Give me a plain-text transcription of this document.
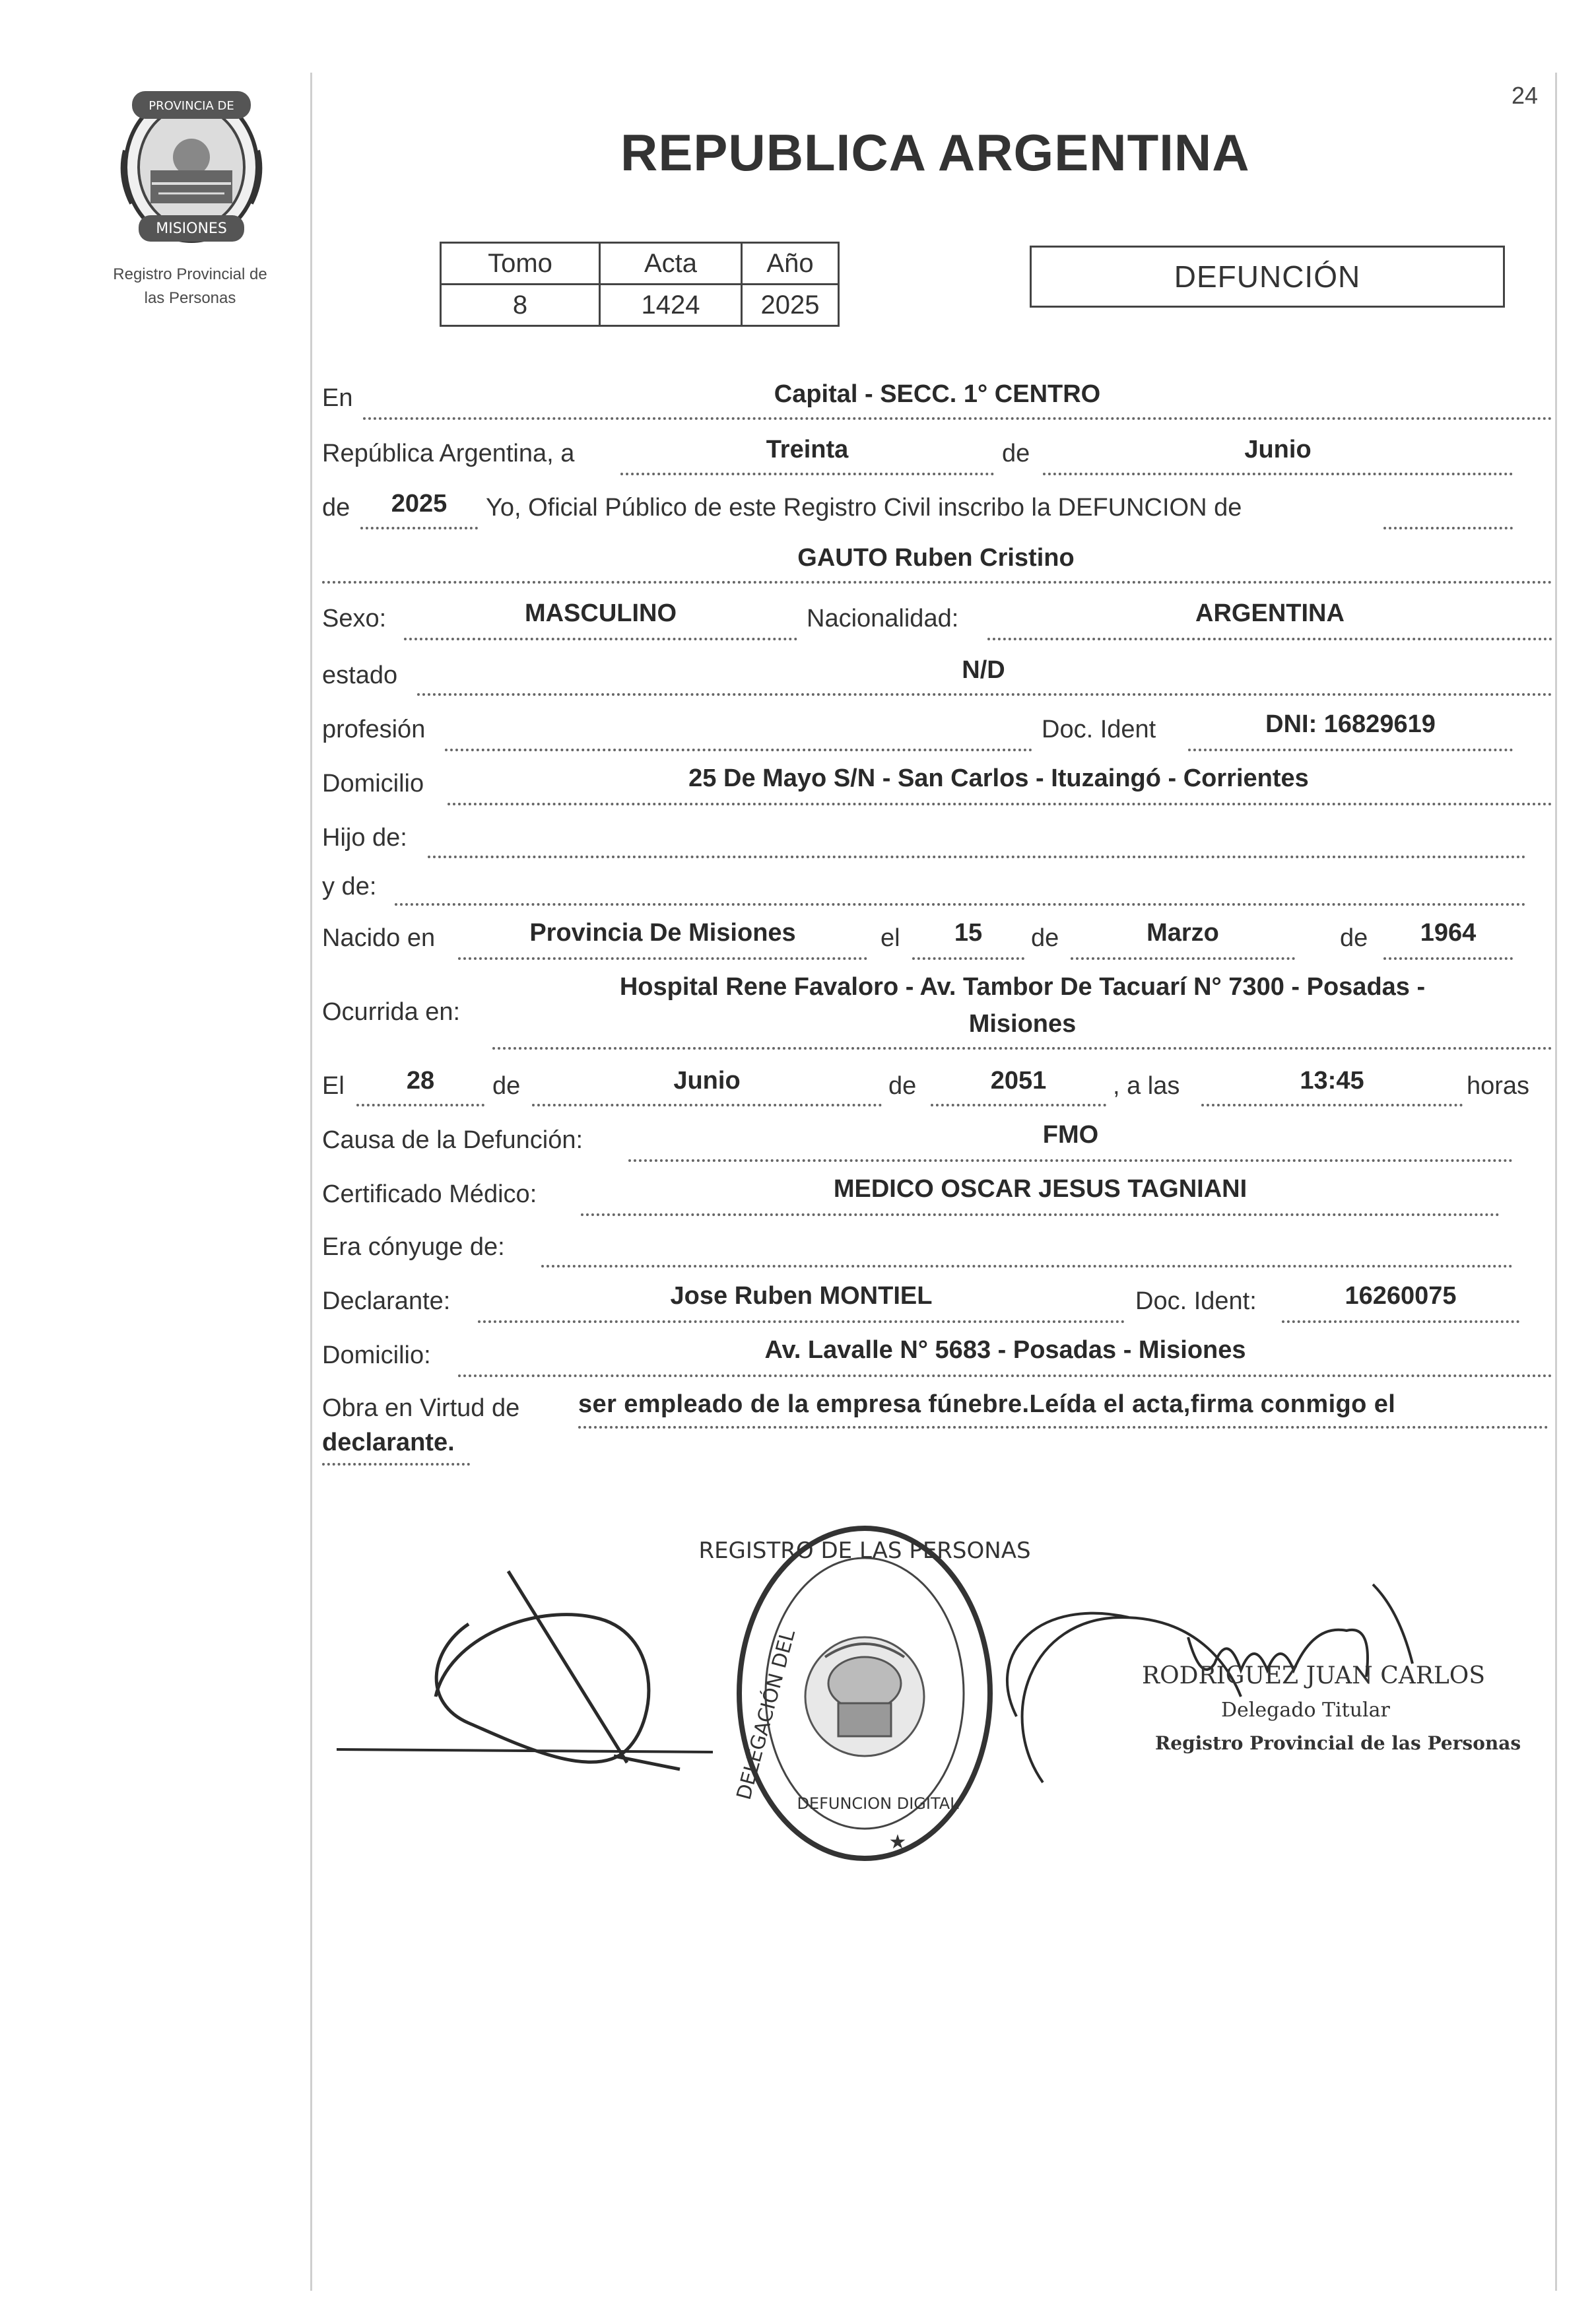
PROVINCIA DE
MISIONES
Registro Provincial de
las Personas
24
REPUBLICA ARGENTINA
Tomo	Acta	Año
8	1424	2025
DEFUNCIÓN
En	Capital - SECC. 1° CENTRO
República Argentina, a	Treinta	de	Junio
de	2025	Yo, Oficial Público de este Registro Civil inscribo la DEFUNCION de
GAUTO Ruben Cristino
Sexo:	MASCULINO	Nacionalidad:	ARGENTINA
estado	N/D
profesión	Doc. Ident	DNI: 16829619
Domicilio	25 De Mayo S/N - San Carlos - Ituzaingó - Corrientes
Hijo de:
y de:
Nacido en	Provincia De Misiones	el	15	de	Marzo	de	1964
Ocurrida en:
Hospital Rene Favaloro - Av. Tambor De Tacuarí N° 7300 - Posadas -
Misiones
El	28	de	Junio	de	2051	, a las	13:45	horas
Causa de la Defunción:	FMO
Certificado Médico:	MEDICO OSCAR JESUS TAGNIANI
Era cónyuge de:
Declarante:	Jose Ruben MONTIEL	Doc. Ident:	16260075
Domicilio:	Av. Lavalle N° 5683 - Posadas - Misiones
Obra en Virtud de ser empleado de la empresa fúnebre.Leída el acta,firma conmigo el
declarante.
REGISTRO DE LAS PERSONAS
DELEGACIÓN DEL
DEFUNCION DIGITAL
★
RODRIGUEZ JUAN CARLOS
Delegado Titular
Registro Provincial de las Personas
